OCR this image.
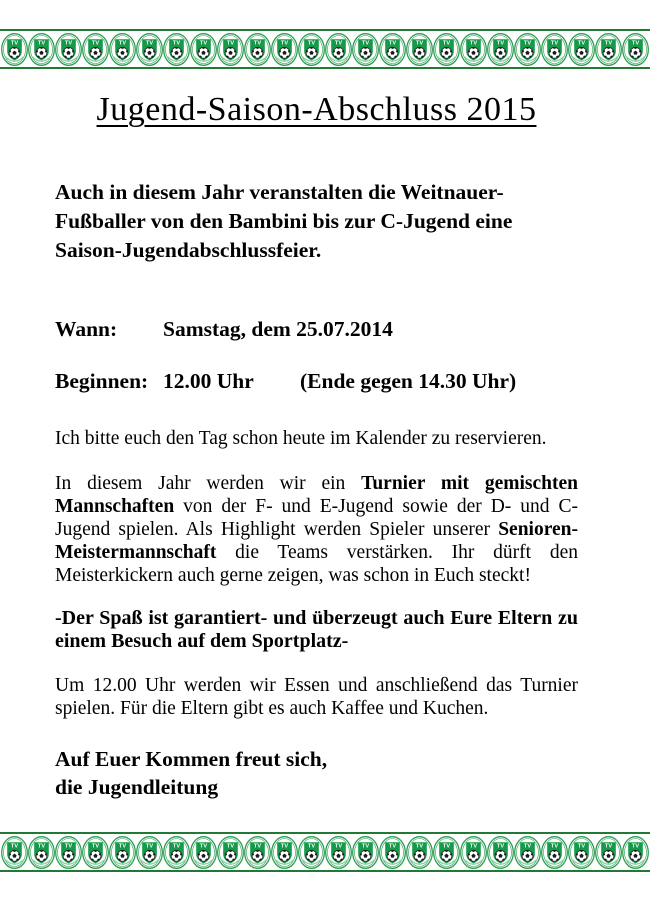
Jugend-Saison-Abschluss 2015

Auch in diesem Jahr veranstalten die Weitnauer-Fußballer von den Bambini bis zur C-Jugend eine Saison-Jugendabschlussfeier.

Wann:	Samstag, dem 25.07.2014
Beginnen: 12.00 Uhr	(Ende gegen 14.30 Uhr)

Ich bitte euch den Tag schon heute im Kalender zu reservieren.

In diesem Jahr werden wir ein Turnier mit gemischten Mannschaften von der F- und E-Jugend sowie der D- und C-Jugend spielen. Als Highlight werden Spieler unserer Senioren-Meistermannschaft die Teams verstärken. Ihr dürft den Meisterkickern auch gerne zeigen, was schon in Euch steckt!

-Der Spaß ist garantiert- und überzeugt auch Eure Eltern zu einem Besuch auf dem Sportplatz-

Um 12.00 Uhr werden wir Essen und anschließend das Turnier spielen. Für die Eltern gibt es auch Kaffee und Kuchen.

Auf Euer Kommen freut sich,
die Jugendleitung
